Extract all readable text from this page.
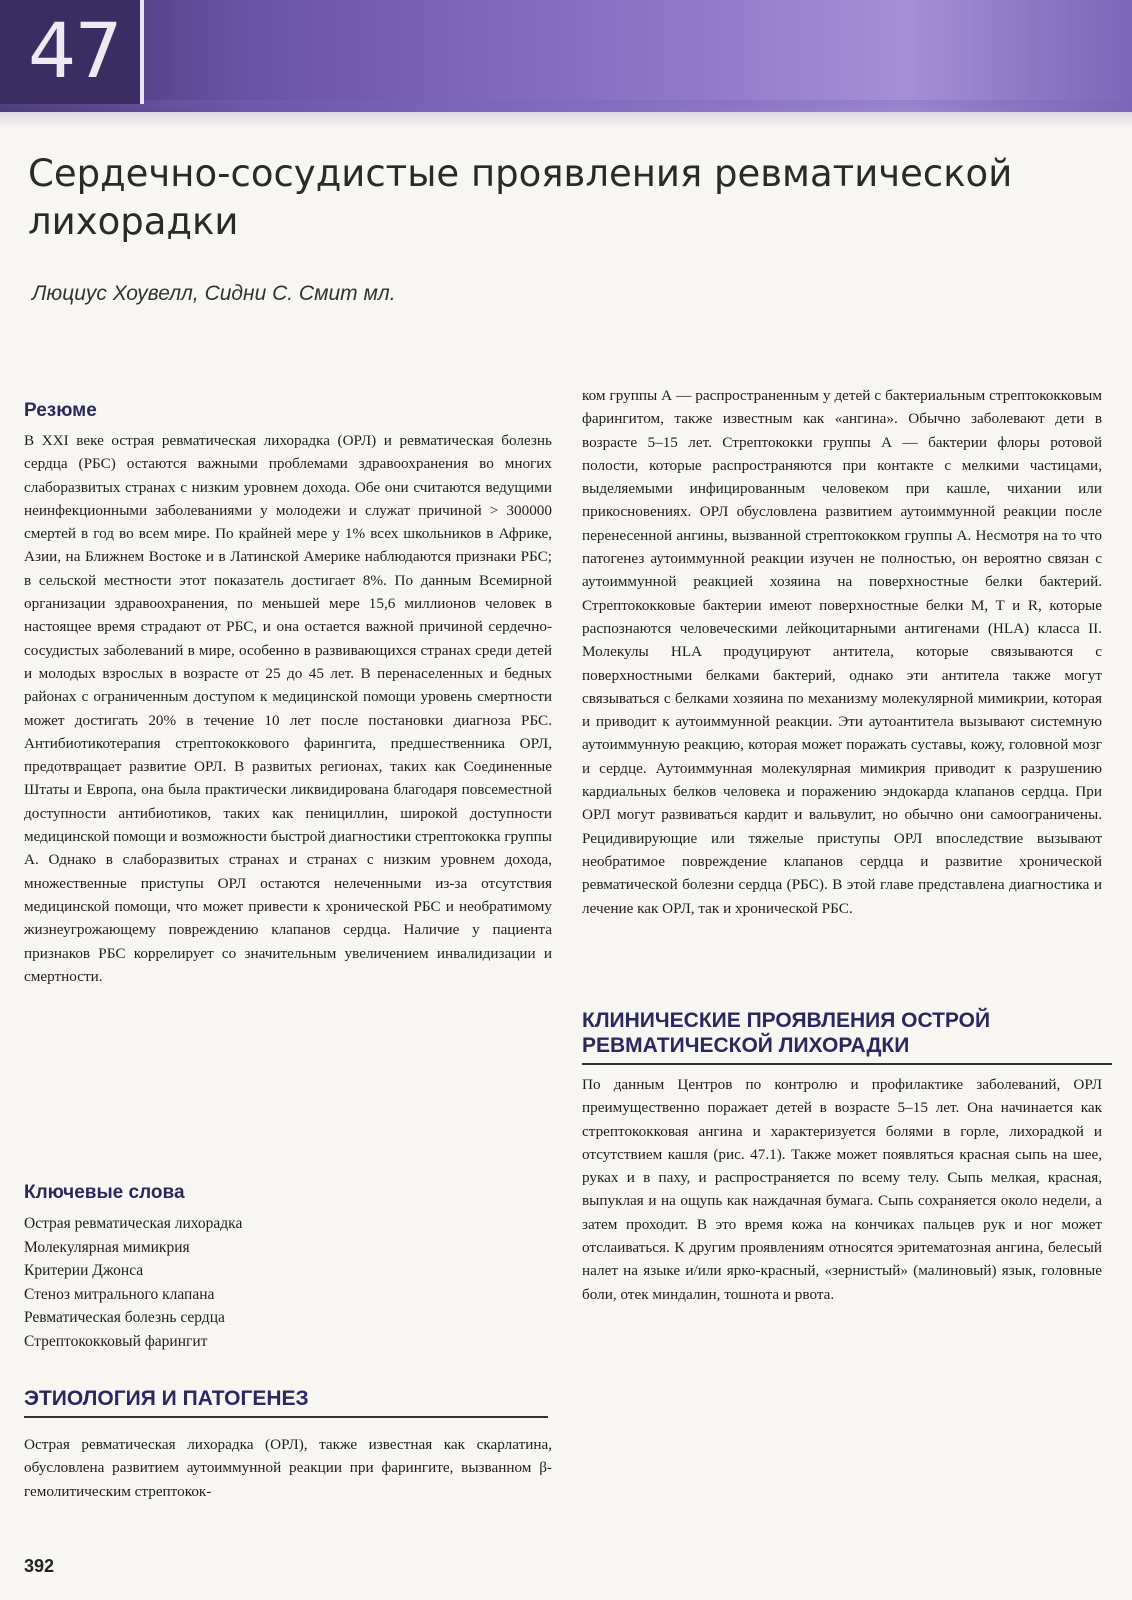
47
Сердечно-сосудистые проявления ревматической лихорадки
Люциус Хоувелл, Сидни С. Смит мл.
Резюме

В XXI веке острая ревматическая лихорадка (ОРЛ) и ревматическая болезнь сердца (РБС) остаются важными проблемами здравоохранения во многих слаборазвитых странах с низким уровнем дохода. Обе они считаются ведущими неинфекционными заболеваниями у молодежи и служат причиной > 300000 смертей в год во всем мире. По крайней мере у 1% всех школьников в Африке, Азии, на Ближнем Востоке и в Латинской Америке наблюдаются признаки РБС; в сельской местности этот показатель достигает 8%. По данным Всемирной организации здравоохранения, по меньшей мере 15,6 миллионов человек в настоящее время страдают от РБС, и она остается важной причиной сердечно-сосудистых заболеваний в мире, особенно в развивающихся странах среди детей и молодых взрослых в возрасте от 25 до 45 лет. В перенаселенных и бедных районах с ограниченным доступом к медицинской помощи уровень смертности может достигать 20% в течение 10 лет после постановки диагноза РБС. Антибиотикотерапия стрептококкового фарингита, предшественника ОРЛ, предотвращает развитие ОРЛ. В развитых регионах, таких как Соединенные Штаты и Европа, она была практически ликвидирована благодаря повсеместной доступности антибиотиков, таких как пенициллин, широкой доступности медицинской помощи и возможности быстрой диагностики стрептококка группы А. Однако в слаборазвитых странах и странах с низким уровнем дохода, множественные приступы ОРЛ остаются нелеченными из-за отсутствия медицинской помощи, что может привести к хронической РБС и необратимому жизнеугрожающему повреждению клапанов сердца. Наличие у пациента признаков РБС коррелирует со значительным увеличением инвалидизации и смертности.

Ключевые слова
Острая ревматическая лихорадка
Молекулярная мимикрия
Критерии Джонса
Стеноз митрального клапана
Ревматическая болезнь сердца
Стрептококковый фарингит
ЭТИОЛОГИЯ И ПАТОГЕНЕЗ

Острая ревматическая лихорадка (ОРЛ), также известная как скарлатина, обусловлена развитием аутоиммунной реакции при фарингите, вызванном β-гемолитическим стрептокок-

ком группы А — распространенным у детей с бактериальным стрептококковым фарингитом, также известным как «ангина». Обычно заболевают дети в возрасте 5–15 лет. Стрептококки группы А — бактерии флоры ротовой полости, которые распространяются при контакте с мелкими частицами, выделяемыми инфицированным человеком при кашле, чихании или прикосновениях. ОРЛ обусловлена развитием аутоиммунной реакции после перенесенной ангины, вызванной стрептококком группы А. Несмотря на то что патогенез аутоиммунной реакции изучен не полностью, он вероятно связан с аутоиммунной реакцией хозяина на поверхностные белки бактерий. Стрептококковые бактерии имеют поверхностные белки M, T и R, которые распознаются человеческими лейкоцитарными антигенами (HLA) класса II. Молекулы HLA продуцируют антитела, которые связываются с поверхностными белками бактерий, однако эти антитела также могут связываться с белками хозяина по механизму молекулярной мимикрии, которая и приводит к аутоиммунной реакции. Эти аутоантитела вызывают системную аутоиммунную реакцию, которая может поражать суставы, кожу, головной мозг и сердце. Аутоиммунная молекулярная мимикрия приводит к разрушению кардиальных белков человека и поражению эндокарда клапанов сердца. При ОРЛ могут развиваться кардит и вальвулит, но обычно они самоограничены. Рецидивирующие или тяжелые приступы ОРЛ впоследствие вызывают необратимое повреждение клапанов сердца и развитие хронической ревматической болезни сердца (РБС). В этой главе представлена диагностика и лечение как ОРЛ, так и хронической РБС.

КЛИНИЧЕСКИЕ ПРОЯВЛЕНИЯ ОСТРОЙ
РЕВМАТИЧЕСКОЙ ЛИХОРАДКИ

По данным Центров по контролю и профилактике заболеваний, ОРЛ преимущественно поражает детей в возрасте 5–15 лет. Она начинается как стрептококковая ангина и характеризуется болями в горле, лихорадкой и отсутствием кашля (рис. 47.1). Также может появляться красная сыпь на шее, руках и в паху, и распространяется по всему телу. Сыпь мелкая, красная, выпуклая и на ощупь как наждачная бумага. Сыпь сохраняется около недели, а затем проходит. В это время кожа на кончиках пальцев рук и ног может отслаиваться. К другим проявлениям относятся эритематозная ангина, белесый налет на языке и/или ярко-красный, «зернистый» (малиновый) язык, головные боли, отек миндалин, тошнота и рвота.

392
